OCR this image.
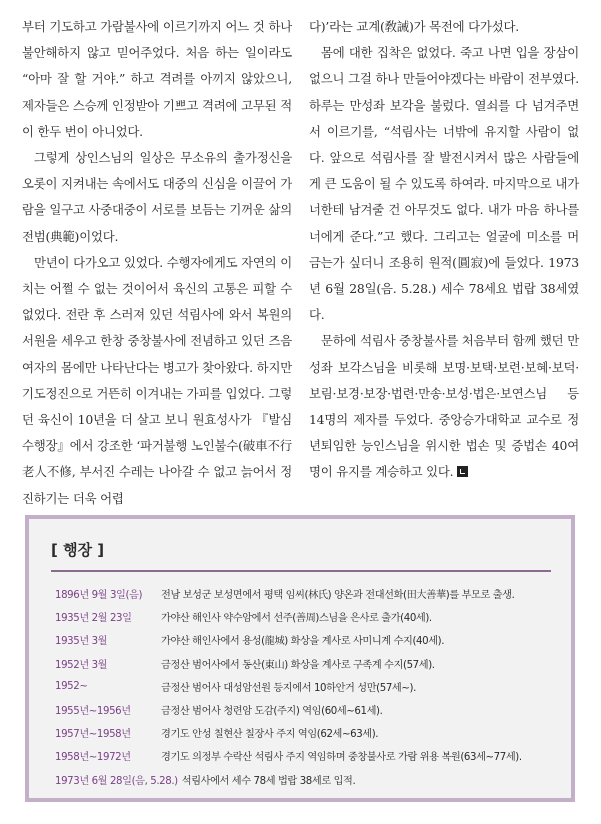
부터 기도하고 가람불사에 이르기까지 어느 것 하나 불안해하지 않고 믿어주었다. 처음 하는 일이라도 “아마 잘 할 거야.” 하고 격려를 아끼지 않았으니, 제자들은 스승께 인정받아 기쁘고 격려에 고무된 적이 한두 번이 아니었다.

그렇게 상인스님의 일상은 무소유의 출가정신을 오롯이 지켜내는 속에서도 대중의 신심을 이끌어 가람을 일구고 사중대중이 서로를 보듬는 기꺼운 삶의 전범(典範)이었다.

만년이 다가오고 있었다. 수행자에게도 자연의 이치는 어쩔 수 없는 것이어서 육신의 고통은 피할 수 없었다. 전란 후 스러져 있던 석림사에 와서 복원의 서원을 세우고 한창 중창불사에 전념하고 있던 즈음 여자의 몸에만 나타난다는 병고가 찾아왔다. 하지만 기도정진으로 거뜬히 이겨내는 가피를 입었다. 그렇던 육신이 10년을 더 살고 보니 원효성사가 『발심수행장』에서 강조한 ‘파거불행 노인불수(破車不行 老人不修, 부서진 수레는 나아갈 수 없고 늙어서 정진하기는 더욱 어렵

다)’라는 교계(敎誡)가 목전에 다가섰다.

몸에 대한 집착은 없었다. 죽고 나면 입을 장삼이 없으니 그걸 하나 만들어야겠다는 바람이 전부였다. 하루는 만성좌 보각을 불렀다. 열쇠를 다 넘겨주면서 이르기를, “석림사는 너밖에 유지할 사람이 없다. 앞으로 석림사를 잘 발전시켜서 많은 사람들에게 큰 도움이 될 수 있도록 하여라. 마지막으로 내가 너한테 남겨줄 건 아무것도 없다. 내가 마음 하나를 너에게 준다.”고 했다. 그리고는 얼굴에 미소를 머금는가 싶더니 조용히 원적(圓寂)에 들었다. 1973년 6월 28일(음. 5.28.) 세수 78세요 법랍 38세였다.

문하에 석림사 중창불사를 처음부터 함께 했던 만성좌 보각스님을 비롯해 보명·보택·보련·보혜·보덕·보림·보경·보장·법련·만송·보성·법은·보연스님 등 14명의 제자를 두었다. 중앙승가대학교 교수로 정년퇴임한 능인스님을 위시한 법손 및 증법손 40여 명이 유지를 계승하고 있다.

[ 행장 ]
1896년 9월 3일(음)	전남 보성군 보성면에서 평택 임씨(林氏) 양온과 전대선화(田大善華)를 부모로 출생.
1935년 2월 23일	가야산 해인사 약수암에서 선주(善周)스님을 은사로 출가(40세).
1935년 3월	가야산 해인사에서 용성(龍城) 화상을 계사로 사미니계 수지(40세).
1952년 3월	금정산 범어사에서 동산(東山) 화상을 계사로 구족계 수지(57세).
1952~	금정산 범어사 대성암선원 등지에서 10하안거 성만(57세~).
1955년~1956년	금정산 범어사 청련암 도감(주지) 역임(60세~61세).
1957년~1958년	경기도 안성 칠현산 칠장사 주지 역임(62세~63세).
1958년~1972년	경기도 의정부 수락산 석림사 주지 역임하며 중창불사로 가람 위용 복원(63세~77세).
1973년 6월 28일(음, 5.28.) 석림사에서 세수 78세 법랍 38세로 입적.
